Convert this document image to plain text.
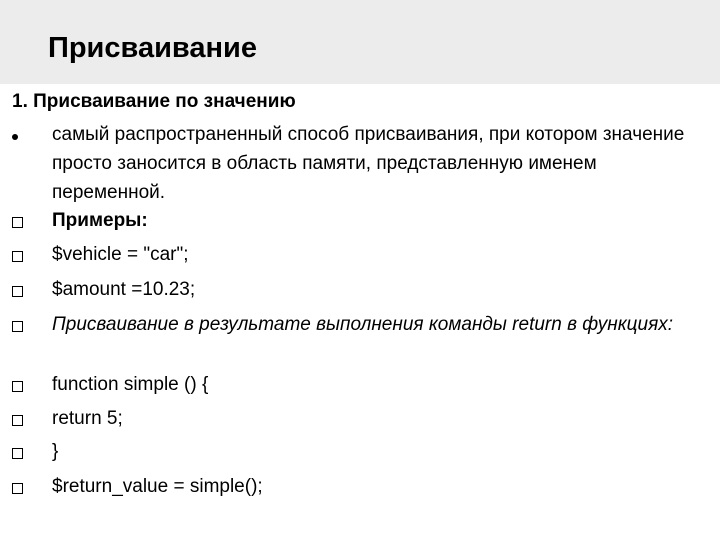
Присваивание
1. Присваивание по значению
самый распространенный способ присваивания, при котором значение просто заносится в область памяти, представленную именем переменной.
Примеры:
$vehicle = "car";
$amount =10.23;
Присваивание в результате выполнения команды return в функциях:
function simple () {
return 5;
}
$return_value = simple();
